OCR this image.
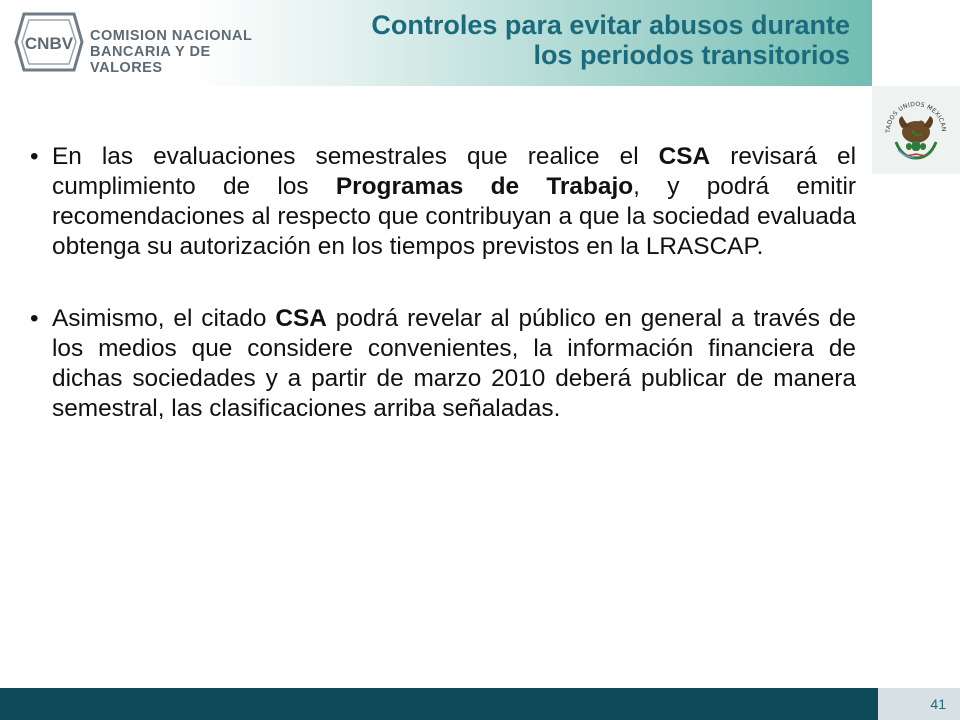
CNBV COMISION NACIONAL
BANCARIA Y DE VALORES
Controles para evitar abusos durante
los periodos transitorios
TADOS UNIDOS MEXICAN
• En las evaluaciones semestrales que realice el CSA revisará el cumplimiento de los Programas de Trabajo, y podrá emitir recomendaciones al respecto que contribuyan a que la sociedad evaluada obtenga su autorización en los tiempos previstos en la LRASCAP.
• Asimismo, el citado CSA podrá revelar al público en general a través de los medios que considere convenientes, la información financiera de dichas sociedades y a partir de marzo 2010 deberá publicar de manera semestral, las clasificaciones arriba señaladas.
41
